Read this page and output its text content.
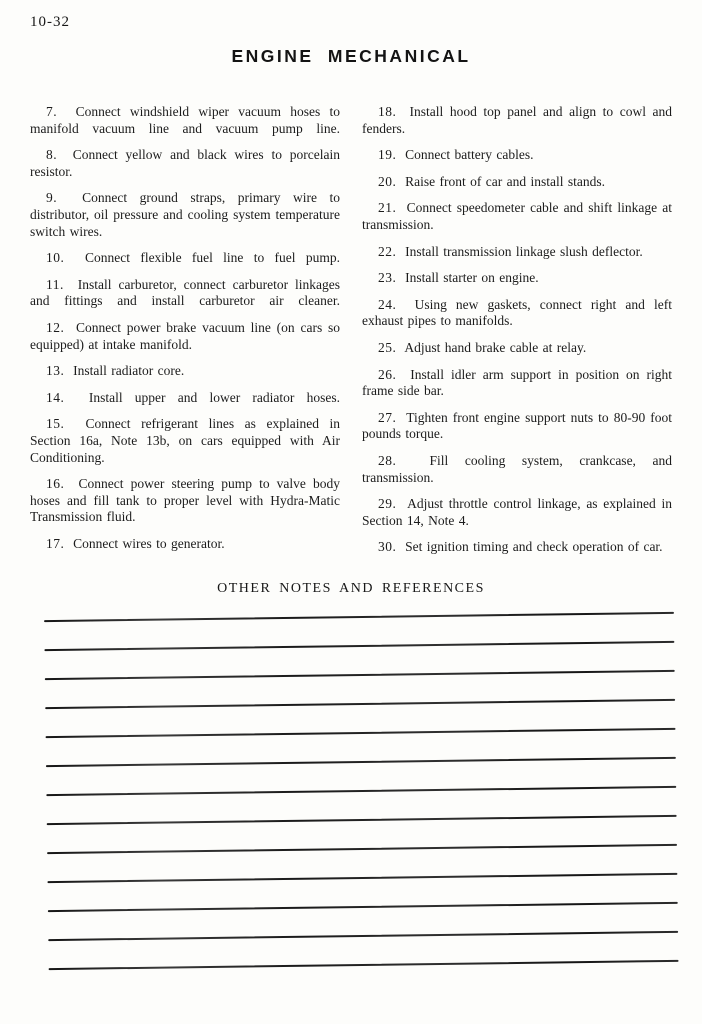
10-32
ENGINE MECHANICAL

7. Connect windshield wiper vacuum hoses to manifold vacuum line and vacuum pump line.

8. Connect yellow and black wires to porcelain resistor.

9. Connect ground straps, primary wire to distributor, oil pressure and cooling system temperature switch wires.

10. Connect flexible fuel line to fuel pump.

11. Install carburetor, connect carburetor linkages and fittings and install carburetor air cleaner.

12. Connect power brake vacuum line (on cars so equipped) at intake manifold.

13. Install radiator core.

14. Install upper and lower radiator hoses.

15. Connect refrigerant lines as explained in Section 16a, Note 13b, on cars equipped with Air Conditioning.

16. Connect power steering pump to valve body hoses and fill tank to proper level with Hydra-Matic Transmission fluid.

17. Connect wires to generator.

18. Install hood top panel and align to cowl and fenders.

19. Connect battery cables.

20. Raise front of car and install stands.

21. Connect speedometer cable and shift linkage at transmission.

22. Install transmission linkage slush deflector.

23. Install starter on engine.

24. Using new gaskets, connect right and left exhaust pipes to manifolds.

25. Adjust hand brake cable at relay.

26. Install idler arm support in position on right frame side bar.

27. Tighten front engine support nuts to 80-90 foot pounds torque.

28. Fill cooling system, crankcase, and transmission.

29. Adjust throttle control linkage, as explained in Section 14, Note 4.

30. Set ignition timing and check operation of car.

OTHER NOTES AND REFERENCES
